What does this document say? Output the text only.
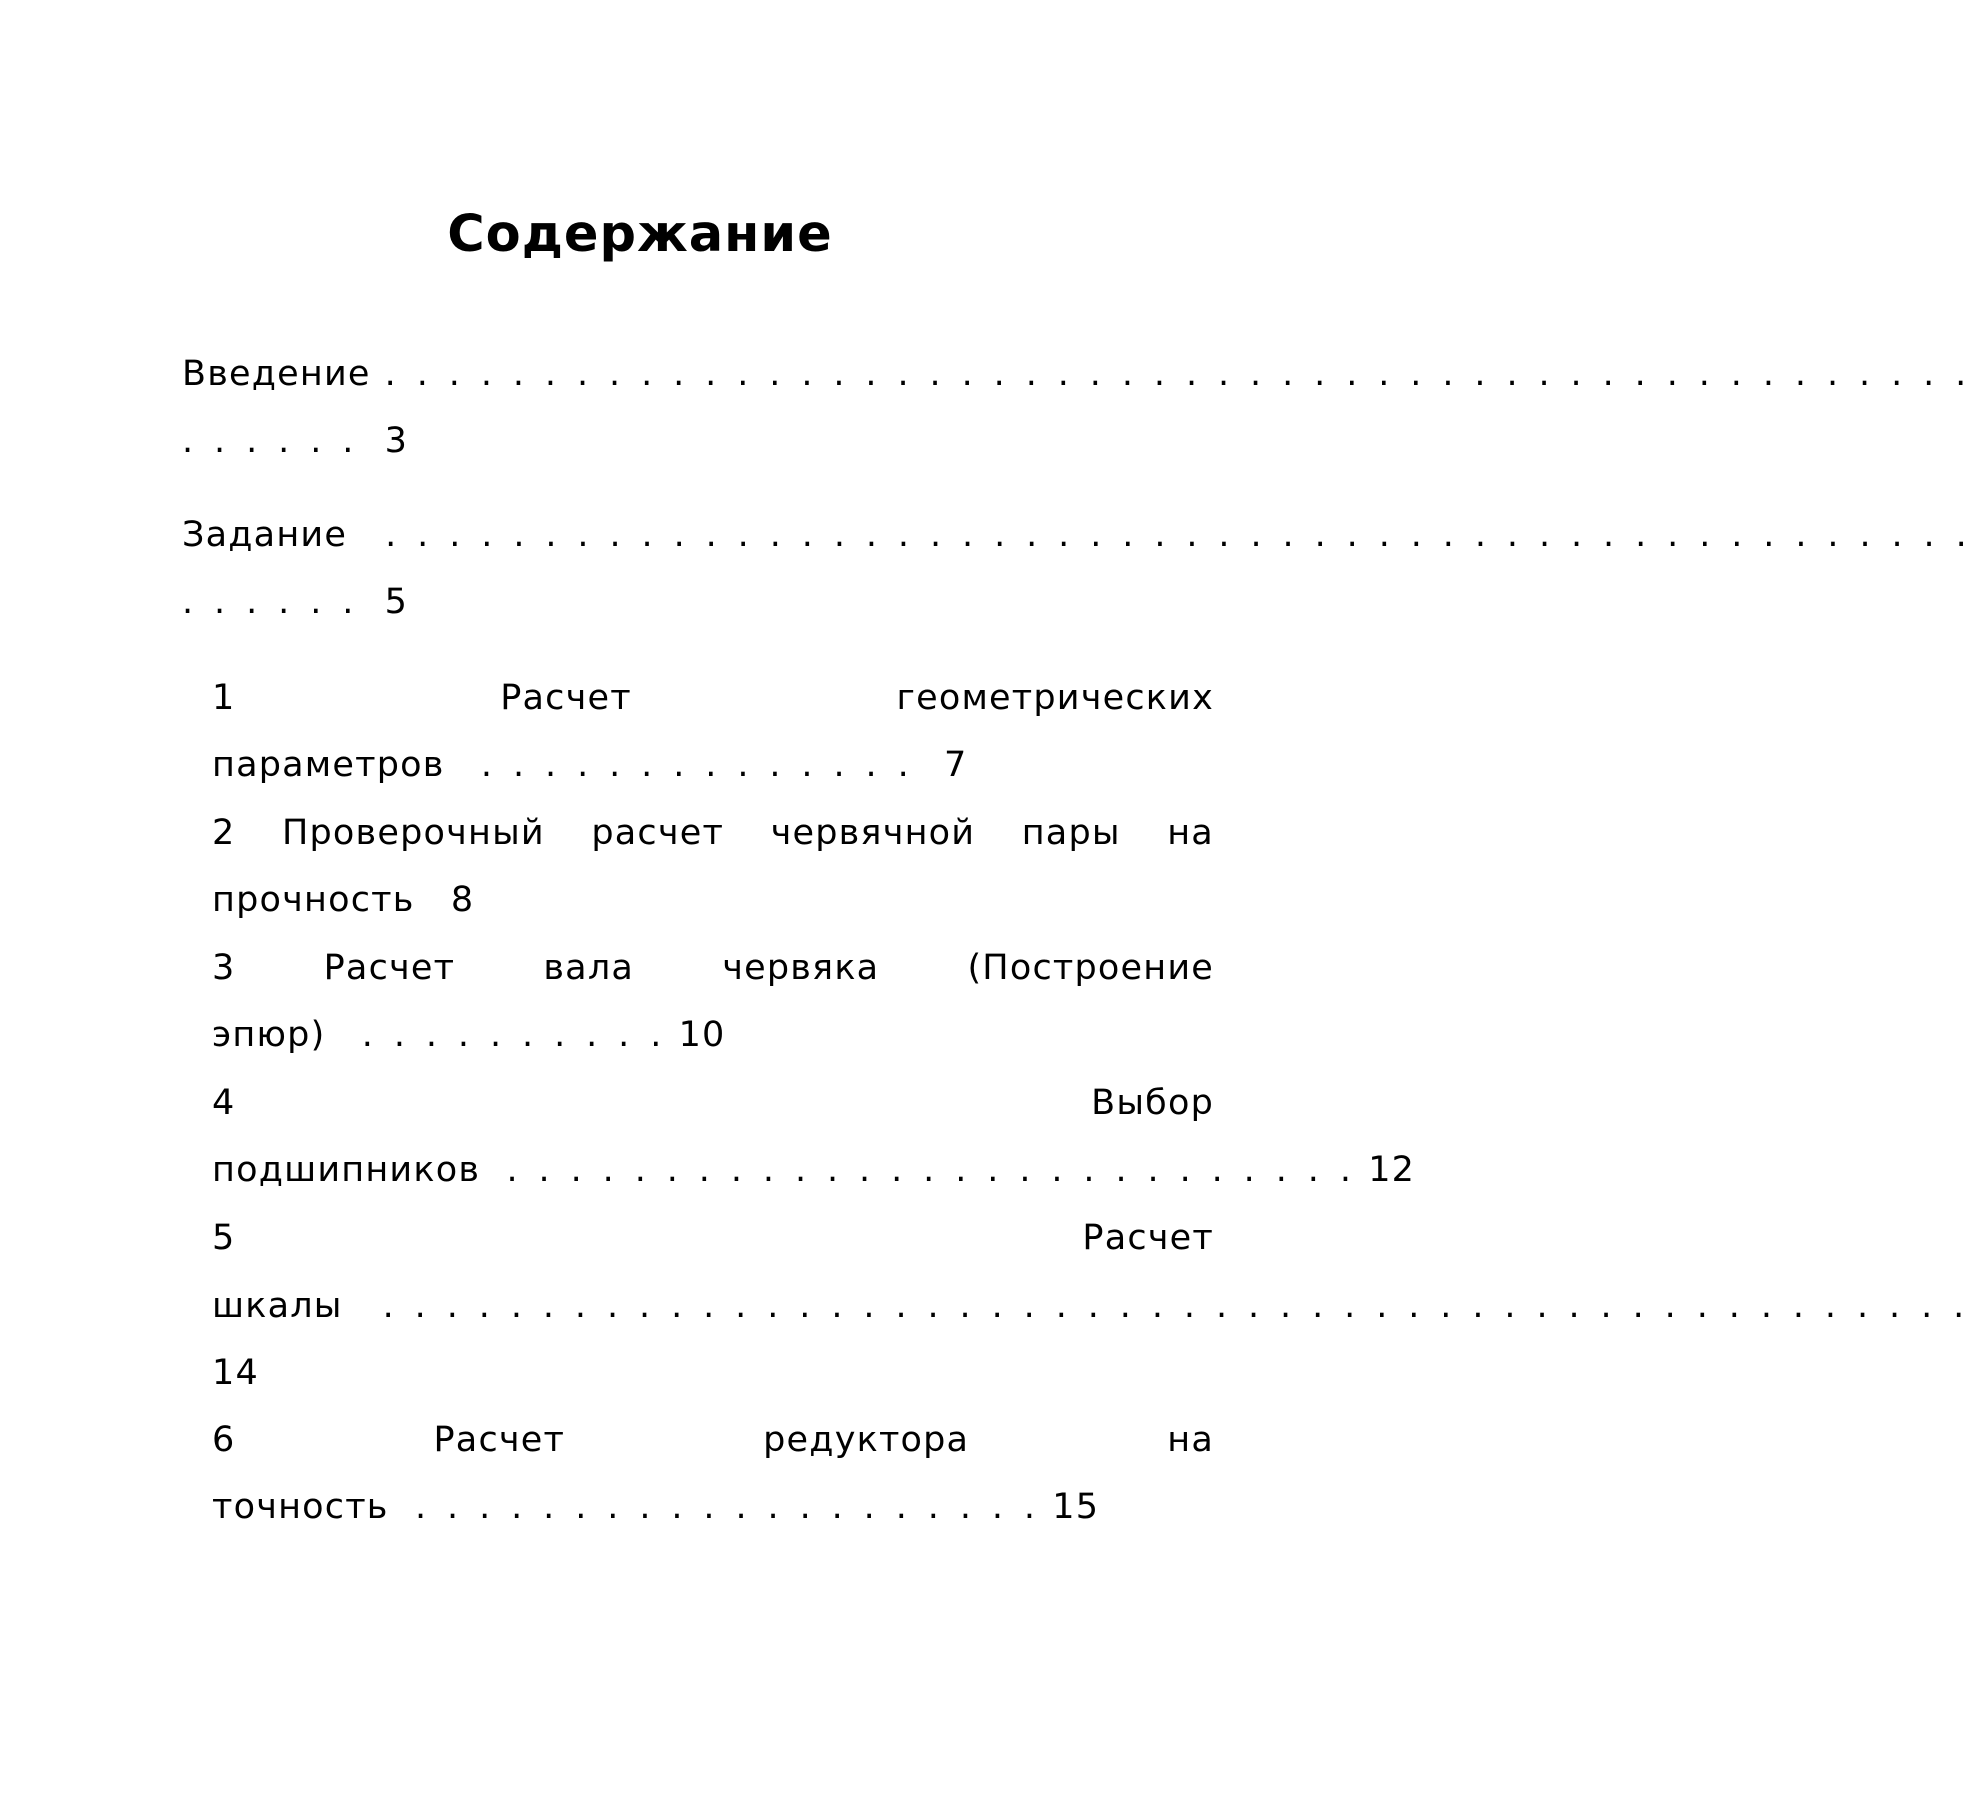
Содержание
Введение . . . . . . . . . . . . . . . . . . . . . . . . . . . . . . . . . . . . . . . . . . . . . . . . . .
. . . . . . 3
Задание . . . . . . . . . . . . . . . . . . . . . . . . . . . . . . . . . . . . . . . . . . . . . . . . . .
. . . . . . 5
1	Расчет	геометрических
параметров . . . . . . . . . . . . . . 7
2 Проверочный расчет червячной пары на
прочность 8
3	Расчет	вала	червяка	(Построение
эпюр) . . . . . . . . . . 10
4	Выбор
подшипников . . . . . . . . . . . . . . . . . . . . . . . . . . . 12
5	Расчет
шкалы . . . . . . . . . . . . . . . . . . . . . . . . . . . . . . . . . . . . . . . . . . . . . . . . . .
14
6	Расчет	редуктора	на
точность . . . . . . . . . . . . . . . . . . . . 15
